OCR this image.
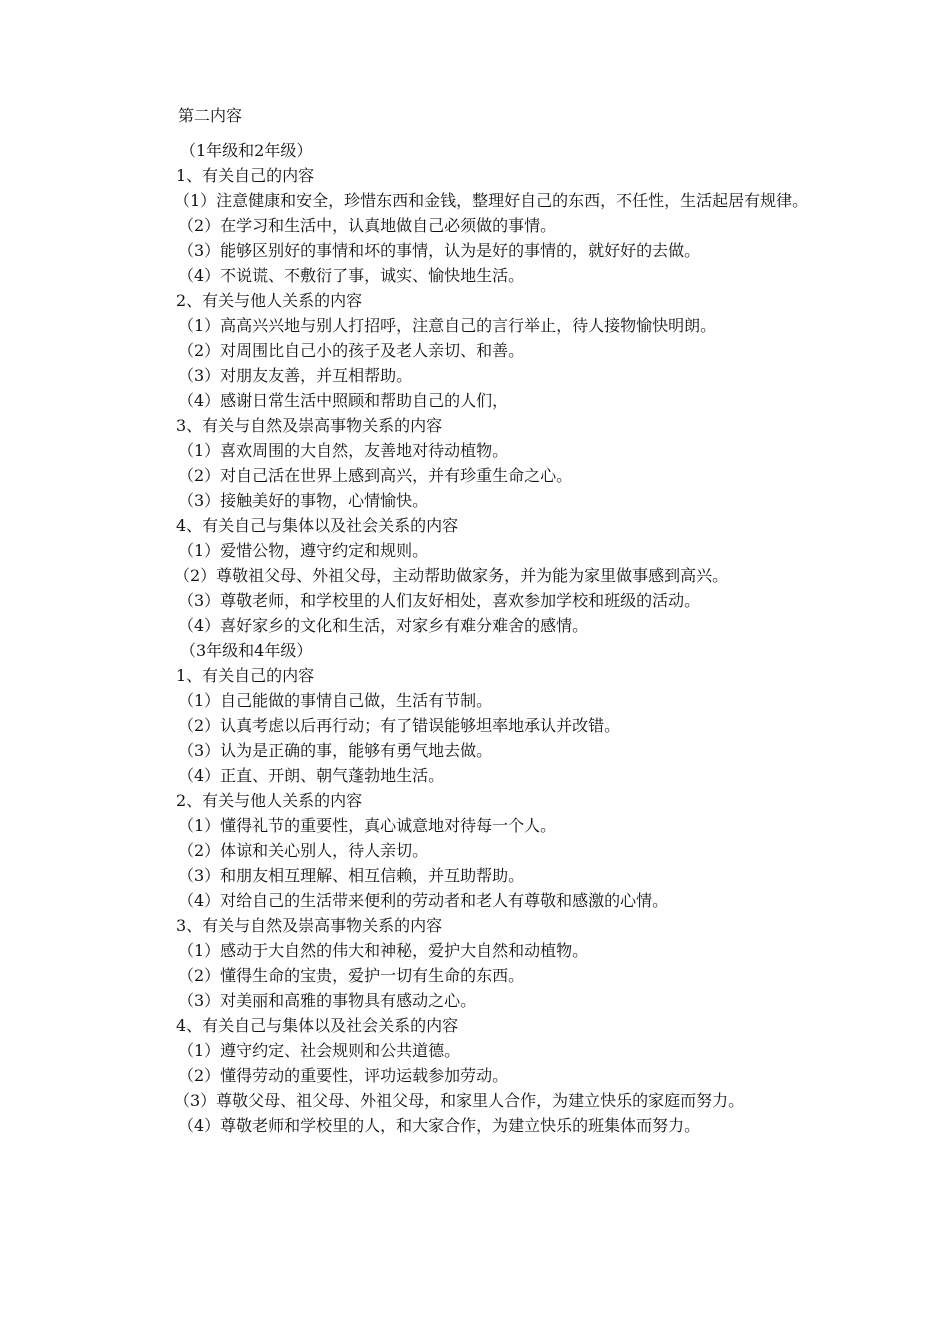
第二内容

（1年级和2年级）

1、有关自己的内容

（1）注意健康和安全，珍惜东西和金钱，整理好自己的东西，不任性，生活起居有规律。

（2）在学习和生活中，认真地做自己必须做的事情。

（3）能够区别好的事情和坏的事情，认为是好的事情的，就好好的去做。

（4）不说谎、不敷衍了事，诚实、愉快地生活。

2、有关与他人关系的内容

（1）高高兴兴地与别人打招呼，注意自己的言行举止，待人接物愉快明朗。

（2）对周围比自己小的孩子及老人亲切、和善。

（3）对朋友友善，并互相帮助。

（4）感谢日常生活中照顾和帮助自己的人们，

3、有关与自然及崇高事物关系的内容

（1）喜欢周围的大自然，友善地对待动植物。

（2）对自己活在世界上感到高兴，并有珍重生命之心。

（3）接触美好的事物，心情愉快。

4、有关自己与集体以及社会关系的内容

（1）爱惜公物，遵守约定和规则。

（2）尊敬祖父母、外祖父母，主动帮助做家务，并为能为家里做事感到高兴。

（3）尊敬老师，和学校里的人们友好相处，喜欢参加学校和班级的活动。

（4）喜好家乡的文化和生活，对家乡有难分难舍的感情。

（3年级和4年级）

1、有关自己的内容

（1）自己能做的事情自己做，生活有节制。

（2）认真考虑以后再行动；有了错误能够坦率地承认并改错。

（3）认为是正确的事，能够有勇气地去做。

（4）正直、开朗、朝气蓬勃地生活。

2、有关与他人关系的内容

（1）懂得礼节的重要性，真心诚意地对待每一个人。

（2）体谅和关心别人，待人亲切。

（3）和朋友相互理解、相互信赖，并互助帮助。

（4）对给自己的生活带来便利的劳动者和老人有尊敬和感激的心情。

3、有关与自然及崇高事物关系的内容

（1）感动于大自然的伟大和神秘，爱护大自然和动植物。

（2）懂得生命的宝贵，爱护一切有生命的东西。

（3）对美丽和高雅的事物具有感动之心。

4、有关自己与集体以及社会关系的内容

（1）遵守约定、社会规则和公共道德。

（2）懂得劳动的重要性，评功运载参加劳动。

（3）尊敬父母、祖父母、外祖父母，和家里人合作，为建立快乐的家庭而努力。

（4）尊敬老师和学校里的人，和大家合作，为建立快乐的班集体而努力。
